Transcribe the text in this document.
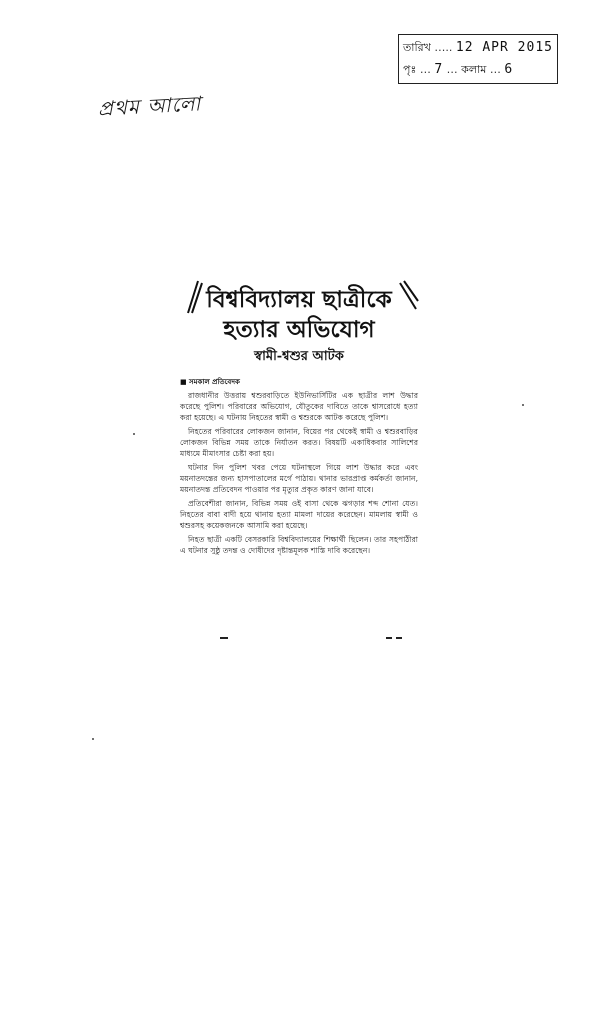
তারিখ ….. 12 APR 2015
পৃঃ … 7 … কলাম … 6
প্রথম আলো
বিশ্ববিদ্যালয় ছাত্রীকে
হত্যার অভিযোগ
স্বামী-শ্বশুর আটক
■ সমকাল প্রতিবেদক

রাজধানীর উত্তরায় শ্বশুরবাড়িতে ইউনিভার্সিটির এক ছাত্রীর লাশ উদ্ধার করেছে পুলিশ। পরিবারের অভিযোগ, যৌতুকের দাবিতে তাকে শ্বাসরোধে হত্যা করা হয়েছে। এ ঘটনায় নিহতের স্বামী ও শ্বশুরকে আটক করেছে পুলিশ।

নিহতের পরিবারের লোকজন জানান, বিয়ের পর থেকেই স্বামী ও শ্বশুরবাড়ির লোকজন বিভিন্ন সময় তাকে নির্যাতন করত। বিষয়টি একাধিকবার সালিশের মাধ্যমে মীমাংসার চেষ্টা করা হয়।

ঘটনার দিন পুলিশ খবর পেয়ে ঘটনাস্থলে গিয়ে লাশ উদ্ধার করে এবং ময়নাতদন্তের জন্য হাসপাতালের মর্গে পাঠায়। থানার ভারপ্রাপ্ত কর্মকর্তা জানান, ময়নাতদন্ত প্রতিবেদন পাওয়ার পর মৃত্যুর প্রকৃত কারণ জানা যাবে।

প্রতিবেশীরা জানান, বিভিন্ন সময় ওই বাসা থেকে ঝগড়ার শব্দ শোনা যেত। নিহতের বাবা বাদী হয়ে থানায় হত্যা মামলা দায়ের করেছেন। মামলায় স্বামী ও শ্বশুরসহ কয়েকজনকে আসামি করা হয়েছে।

নিহত ছাত্রী একটি বেসরকারি বিশ্ববিদ্যালয়ের শিক্ষার্থী ছিলেন। তার সহপাঠীরা এ ঘটনার সুষ্ঠু তদন্ত ও দোষীদের দৃষ্টান্তমূলক শাস্তি দাবি করেছেন।
